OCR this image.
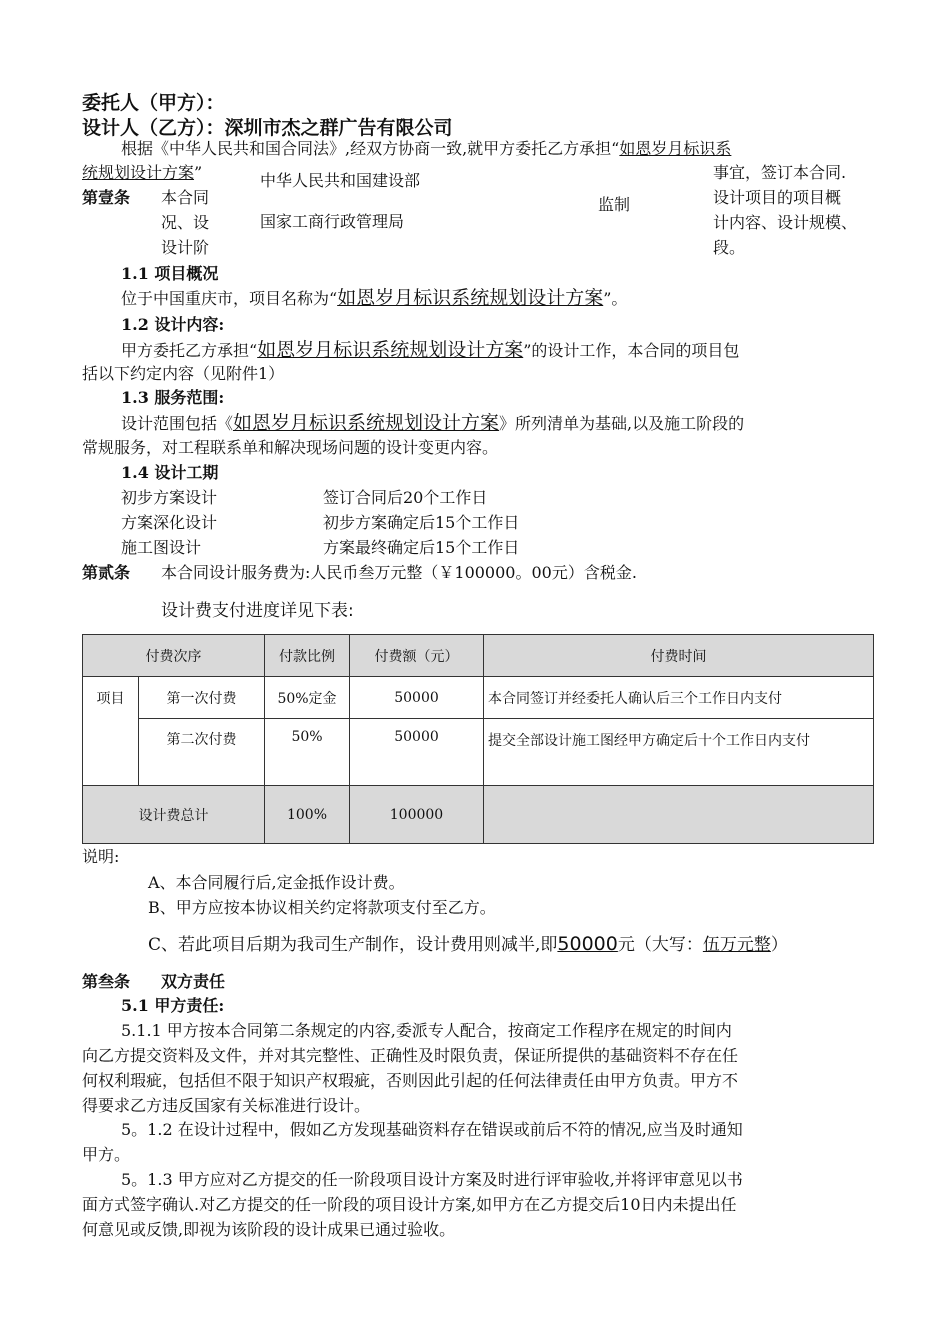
委托人（甲方）：
设计人（乙方）：深圳市杰之群广告有限公司
根据《中华人民共和国合同法》,经双方协商一致,就甲方委托乙方承担“如恩岁月标识系
统规划设计方案”	中华人民共和国建设部
国家工商行政管理局
监制
事宜，签订本合同.
设计项目的项目概
计内容、设计规模、
段。
第壹条 本合同
况、设
设计阶
1.1 项目概况
位于中国重庆市，项目名称为“如恩岁月标识系统规划设计方案”。
1.2 设计内容:
甲方委托乙方承担“如恩岁月标识系统规划设计方案”的设计工作，本合同的项目包
括以下约定内容（见附件1）
1.3 服务范围:
设计范围包括《如恩岁月标识系统规划设计方案》所列清单为基础,以及施工阶段的
常规服务，对工程联系单和解决现场问题的设计变更内容。
1.4 设计工期
初步方案设计	签订合同后20个工作日
方案深化设计	初步方案确定后15个工作日
施工图设计	方案最终确定后15个工作日
第贰条 本合同设计服务费为:人民币叁万元整（￥100000。00元）含税金.
设计费支付进度详见下表:
付费次序		付款比例	付费额（元）	付费时间
项目	第一次付费	50%定金	50000	本合同签订并经委托人确认后三个工作日内支付
	第二次付费	50%	50000	提交全部设计施工图经甲方确定后十个工作日内支付
设计费总计		100%	100000	
说明:
A、本合同履行后,定金抵作设计费。
B、甲方应按本协议相关约定将款项支付至乙方。
C、若此项目后期为我司生产制作，设计费用则减半,即50000元（大写：伍万元整）
第叁条 双方责任
5.1 甲方责任:
5.1.1 甲方按本合同第二条规定的内容,委派专人配合，按商定工作程序在规定的时间内
向乙方提交资料及文件，并对其完整性、正确性及时限负责，保证所提供的基础资料不存在任
何权利瑕疵，包括但不限于知识产权瑕疵，否则因此引起的任何法律责任由甲方负责。甲方不
得要求乙方违反国家有关标准进行设计。
5。1.2 在设计过程中，假如乙方发现基础资料存在错误或前后不符的情况,应当及时通知
甲方。
5。1.3 甲方应对乙方提交的任一阶段项目设计方案及时进行评审验收,并将评审意见以书
面方式签字确认.对乙方提交的任一阶段的项目设计方案,如甲方在乙方提交后10日内未提出任
何意见或反馈,即视为该阶段的设计成果已通过验收。
